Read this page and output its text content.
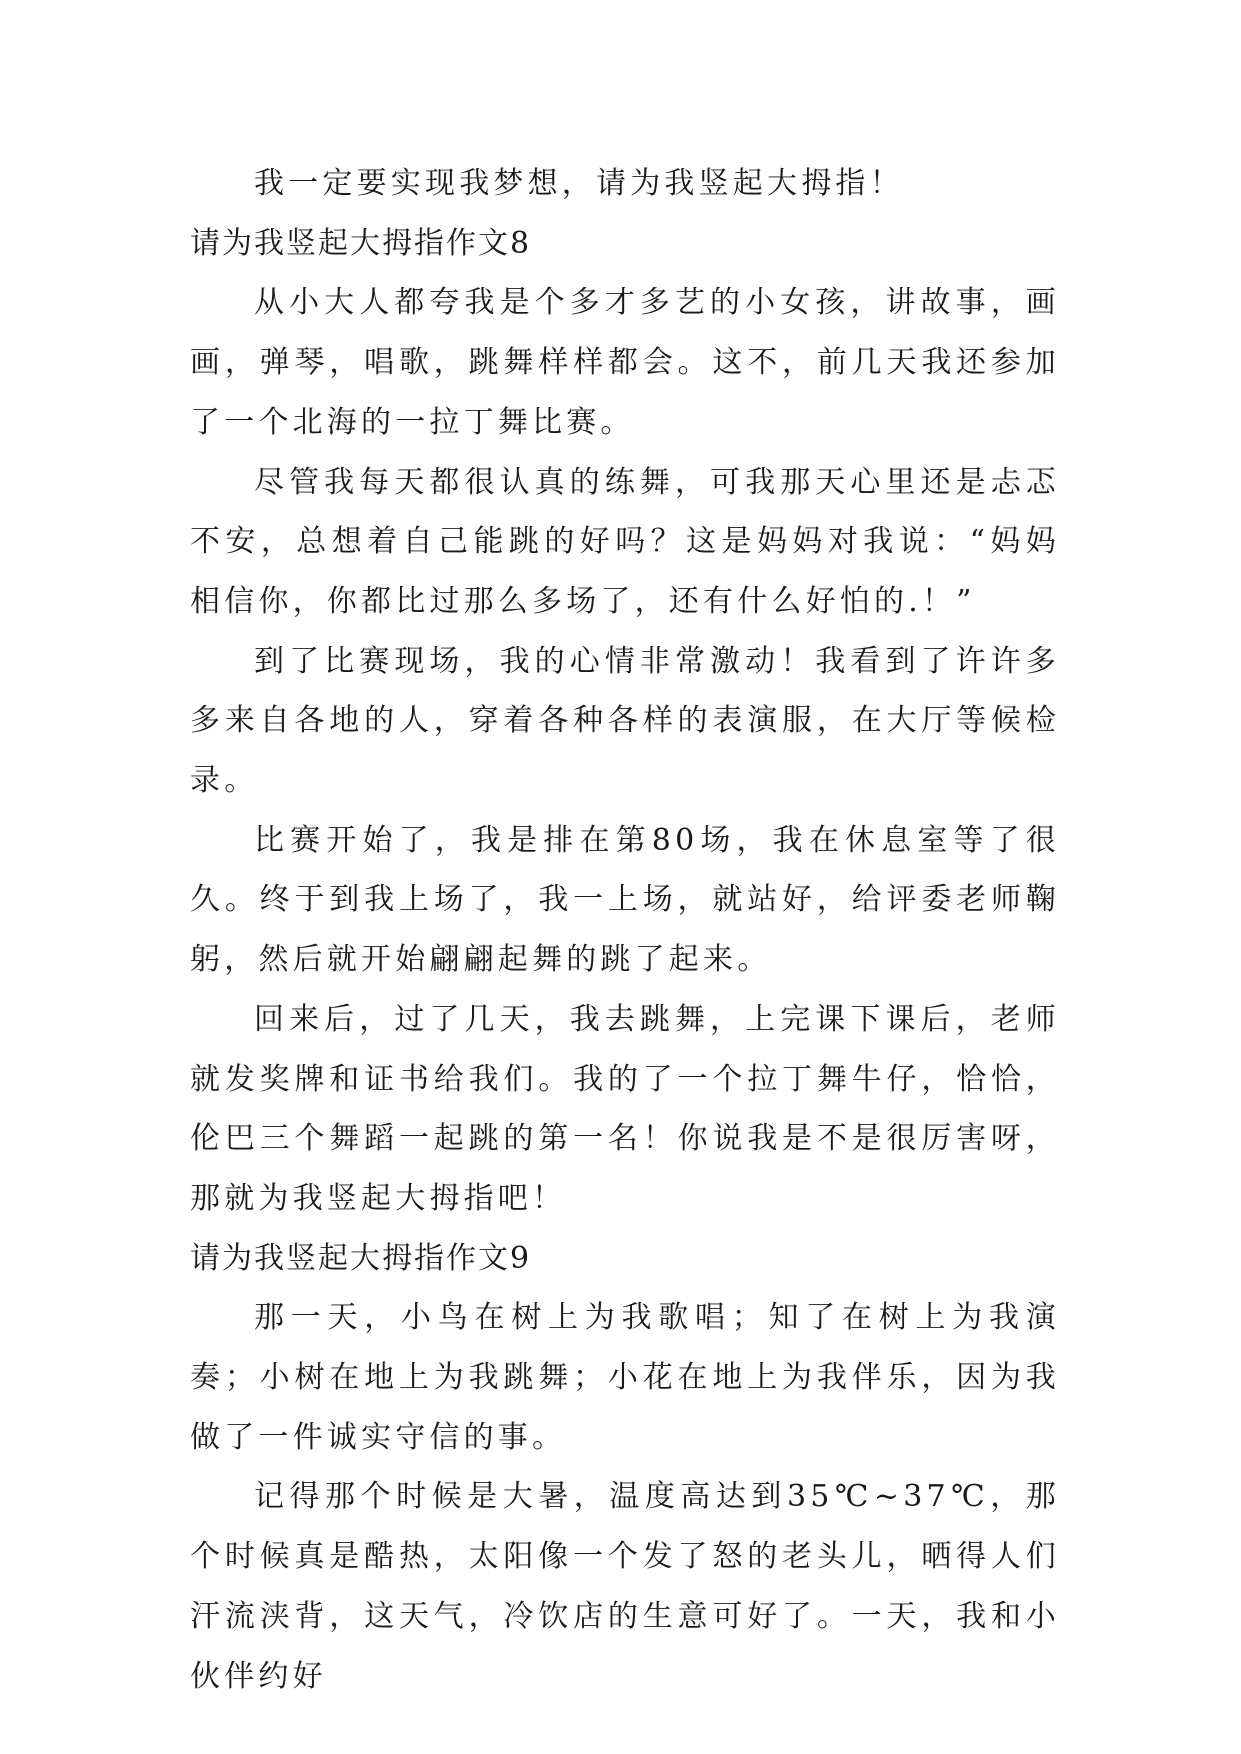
我一定要实现我梦想，请为我竖起大拇指！

请为我竖起大拇指作文8

从小大人都夸我是个多才多艺的小女孩，讲故事，画画，弹琴，唱歌，跳舞样样都会。这不，前几天我还参加了一个北海的一拉丁舞比赛。

尽管我每天都很认真的练舞，可我那天心里还是忐忑不安，总想着自己能跳的好吗？这是妈妈对我说：“妈妈相信你，你都比过那么多场了，还有什么好怕的.！”

到了比赛现场，我的心情非常激动！我看到了许许多多来自各地的人，穿着各种各样的表演服，在大厅等候检录。

比赛开始了，我是排在第80场，我在休息室等了很久。终于到我上场了，我一上场，就站好，给评委老师鞠躬，然后就开始翩翩起舞的跳了起来。

回来后，过了几天，我去跳舞，上完课下课后，老师就发奖牌和证书给我们。我的了一个拉丁舞牛仔，恰恰，伦巴三个舞蹈一起跳的第一名！你说我是不是很厉害呀，那就为我竖起大拇指吧！

请为我竖起大拇指作文9

那一天，小鸟在树上为我歌唱；知了在树上为我演奏；小树在地上为我跳舞；小花在地上为我伴乐，因为我做了一件诚实守信的事。

记得那个时候是大暑，温度高达到35℃~37℃，那个时候真是酷热，太阳像一个发了怒的老头儿，晒得人们汗流浃背，这天气，冷饮店的生意可好了。一天，我和小伙伴约好
